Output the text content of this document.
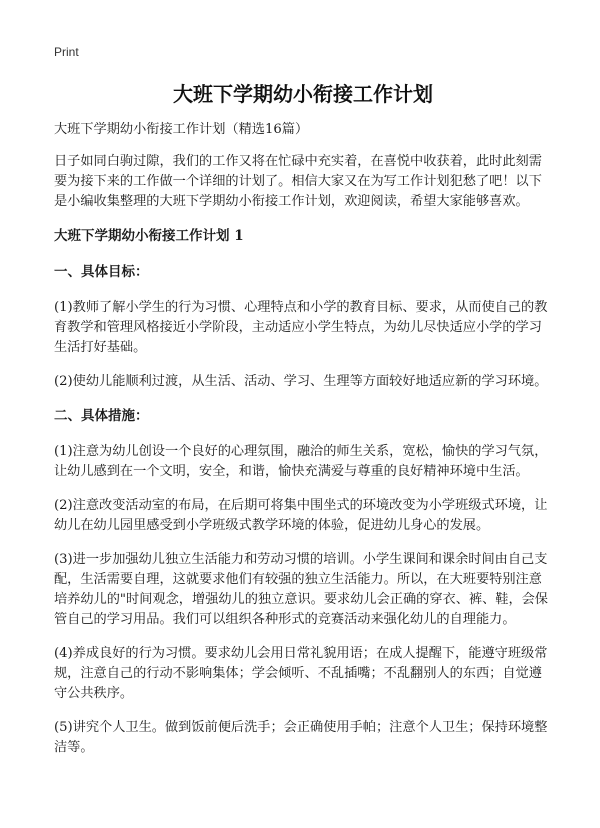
Print
大班下学期幼小衔接工作计划

大班下学期幼小衔接工作计划（精选16篇）

日子如同白驹过隙，我们的工作又将在忙碌中充实着，在喜悦中收获着，此时此刻需要为接下来的工作做一个详细的计划了。相信大家又在为写工作计划犯愁了吧！以下是小编收集整理的大班下学期幼小衔接工作计划，欢迎阅读，希望大家能够喜欢。

大班下学期幼小衔接工作计划 1
一、具体目标：

(1)教师了解小学生的行为习惯、心理特点和小学的教育目标、要求，从而使自己的教育教学和管理风格接近小学阶段，主动适应小学生特点，为幼儿尽快适应小学的学习生活打好基础。

(2)使幼儿能顺利过渡，从生活、活动、学习、生理等方面较好地适应新的学习环境。

二、具体措施：

(1)注意为幼儿创设一个良好的心理氛围，融洽的师生关系，宽松，愉快的学习气氛，让幼儿感到在一个文明，安全，和谐，愉快充满爱与尊重的良好精神环境中生活。

(2)注意改变活动室的布局，在后期可将集中围坐式的环境改变为小学班级式环境，让幼儿在幼儿园里感受到小学班级式教学环境的体验，促进幼儿身心的发展。

(3)进一步加强幼儿独立生活能力和劳动习惯的培训。小学生课间和课余时间由自己支配，生活需要自理，这就要求他们有较强的独立生活能力。所以，在大班要特别注意培养幼儿的"时间观念，增强幼儿的独立意识。要求幼儿会正确的穿衣、裤、鞋，会保管自己的学习用品。我们可以组织各种形式的竞赛活动来强化幼儿的自理能力。

(4)养成良好的行为习惯。要求幼儿会用日常礼貌用语；在成人提醒下，能遵守班级常规，注意自己的行动不影响集体；学会倾听、不乱插嘴；不乱翻别人的东西；自觉遵守公共秩序。

(5)讲究个人卫生。做到饭前便后洗手；会正确使用手帕；注意个人卫生；保持环境整洁等。
